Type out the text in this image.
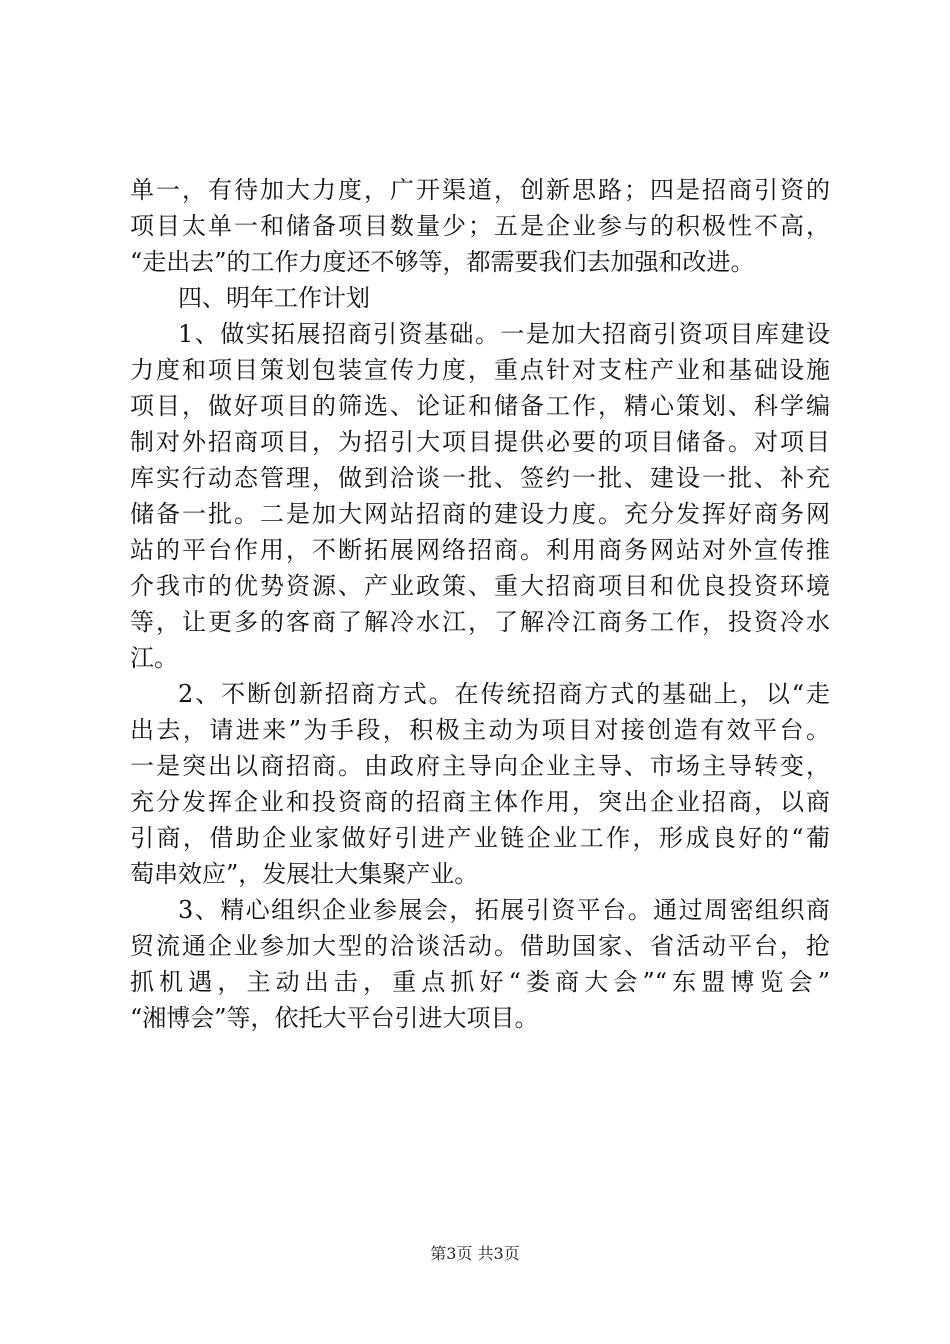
单一，有待加大力度，广开渠道，创新思路；四是招商引资的
项目太单一和储备项目数量少；五是企业参与的积极性不高，
“走出去”的工作力度还不够等，都需要我们去加强和改进。
四、明年工作计划
1、做实拓展招商引资基础。一是加大招商引资项目库建设
力度和项目策划包装宣传力度，重点针对支柱产业和基础设施
项目，做好项目的筛选、论证和储备工作，精心策划、科学编
制对外招商项目，为招引大项目提供必要的项目储备。对项目
库实行动态管理，做到洽谈一批、签约一批、建设一批、补充
储备一批。二是加大网站招商的建设力度。充分发挥好商务网
站的平台作用，不断拓展网络招商。利用商务网站对外宣传推
介我市的优势资源、产业政策、重大招商项目和优良投资环境
等，让更多的客商了解冷水江，了解冷江商务工作，投资冷水
江。
2、不断创新招商方式。在传统招商方式的基础上，以“走
出去，请进来”为手段，积极主动为项目对接创造有效平台。
一是突出以商招商。由政府主导向企业主导、市场主导转变，
充分发挥企业和投资商的招商主体作用，突出企业招商，以商
引商，借助企业家做好引进产业链企业工作，形成良好的“葡
萄串效应”，发展壮大集聚产业。
3、精心组织企业参展会，拓展引资平台。通过周密组织商
贸流通企业参加大型的洽谈活动。借助国家、省活动平台，抢
抓机遇，主动出击，重点抓好“娄商大会”“东盟博览会”
“湘博会”等，依托大平台引进大项目。
第3页 共3页
